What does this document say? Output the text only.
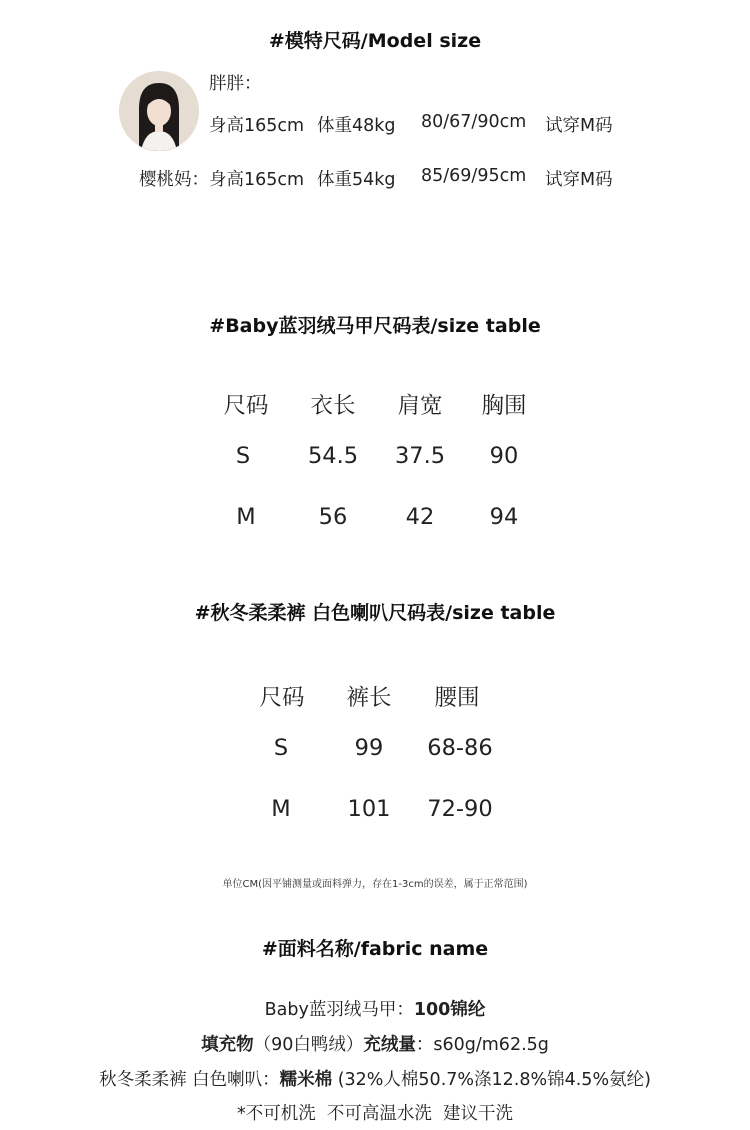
#模特尺码/Model size
胖胖：
身高165cm 体重48kg 80/67/90cm 试穿M码
樱桃妈： 身高165cm 体重54kg 85/69/95cm 试穿M码
#Baby蓝羽绒马甲尺码表/size table
尺码	衣长	肩宽	胸围
S	54.5	37.5	90
M	56	42	94
#秋冬柔柔裤 白色喇叭尺码表/size table
尺码	裤长	腰围
S	99	68-86
M	101	72-90
单位CM(因平铺测量或面料弹力，存在1-3cm的误差，属于正常范围)
#面料名称/fabric name
Baby蓝羽绒马甲：100锦纶
填充物（90白鸭绒）充绒量：s60g/m62.5g
秋冬柔柔裤 白色喇叭：糯米棉 (32%人棉50.7%涤12.8%锦4.5%氨纶)
*不可机洗  不可高温水洗  建议干洗
